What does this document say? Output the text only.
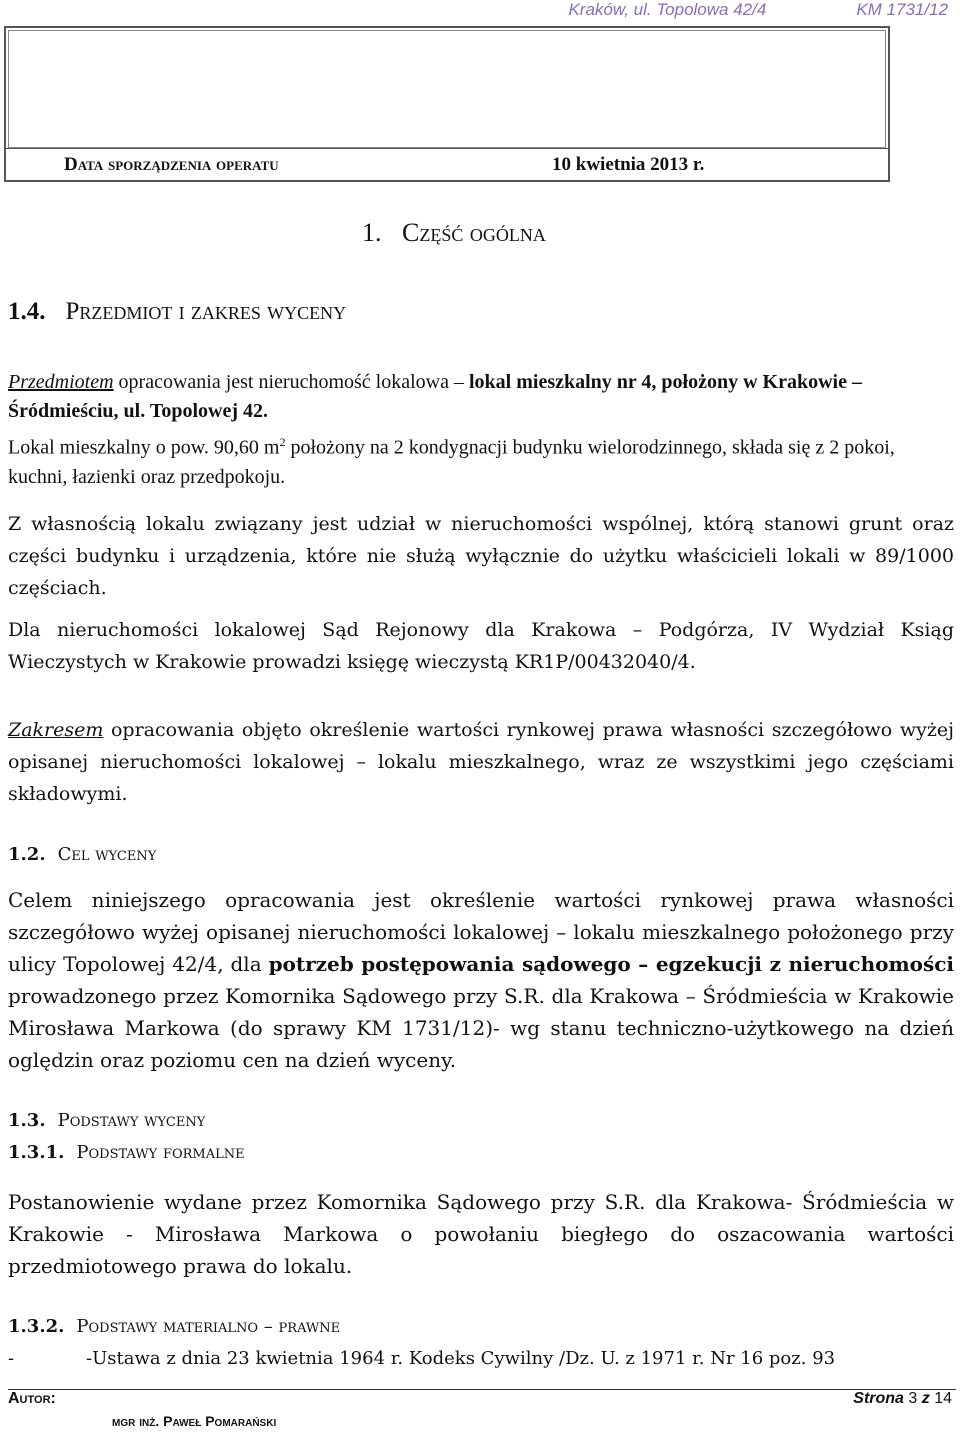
Kraków, ul. Topolowa 42/4	KM 1731/12
Data sporządzenia operatu	10 kwietnia 2013 r.
1. Część ogólna
1.4. Przedmiot i zakres wyceny
Przedmiotem opracowania jest nieruchomość lokalowa – lokal mieszkalny nr 4, położony w Krakowie – Śródmieściu, ul. Topolowej 42.
Lokal mieszkalny o pow. 90,60 $m^2$ położony na 2 kondygnacji budynku wielorodzinnego, składa się z 2 pokoi, kuchni, łazienki oraz przedpokoju.
Z własnością lokalu związany jest udział w nieruchomości wspólnej, którą stanowi grunt oraz części budynku i urządzenia, które nie służą wyłącznie do użytku właścicieli lokali w 89/1000 częściach.
Dla nieruchomości lokalowej Sąd Rejonowy dla Krakowa – Podgórza, IV Wydział Ksiąg Wieczystych w Krakowie prowadzi księgę wieczystą KR1P/00432040/4.
Zakresem opracowania objęto określenie wartości rynkowej prawa własności szczegółowo wyżej opisanej nieruchomości lokalowej – lokalu mieszkalnego, wraz ze wszystkimi jego częściami składowymi.
1.2. Cel wyceny
Celem niniejszego opracowania jest określenie wartości rynkowej prawa własności szczegółowo wyżej opisanej nieruchomości lokalowej – lokalu mieszkalnego położonego przy ulicy Topolowej 42/4, dla potrzeb postępowania sądowego – egzekucji z nieruchomości prowadzonego przez Komornika Sądowego przy S.R. dla Krakowa – Śródmieścia w Krakowie Mirosława Markowa (do sprawy KM 1731/12)- wg stanu techniczno-użytkowego na dzień oględzin oraz poziomu cen na dzień wyceny.
1.3. Podstawy wyceny
1.3.1. Podstawy formalne
Postanowienie wydane przez Komornika Sądowego przy S.R. dla Krakowa- Śródmieścia w Krakowie - Mirosława Markowa o powołaniu biegłego do oszacowania wartości przedmiotowego prawa do lokalu.
1.3.2. Podstawy materialno – prawne
-	-Ustawa z dnia 23 kwietnia 1964 r. Kodeks Cywilny /Dz. U. z 1971 r. Nr 16 poz. 93
Autor:	Strona 3 z 14
mgr inż. Paweł Pomarański
